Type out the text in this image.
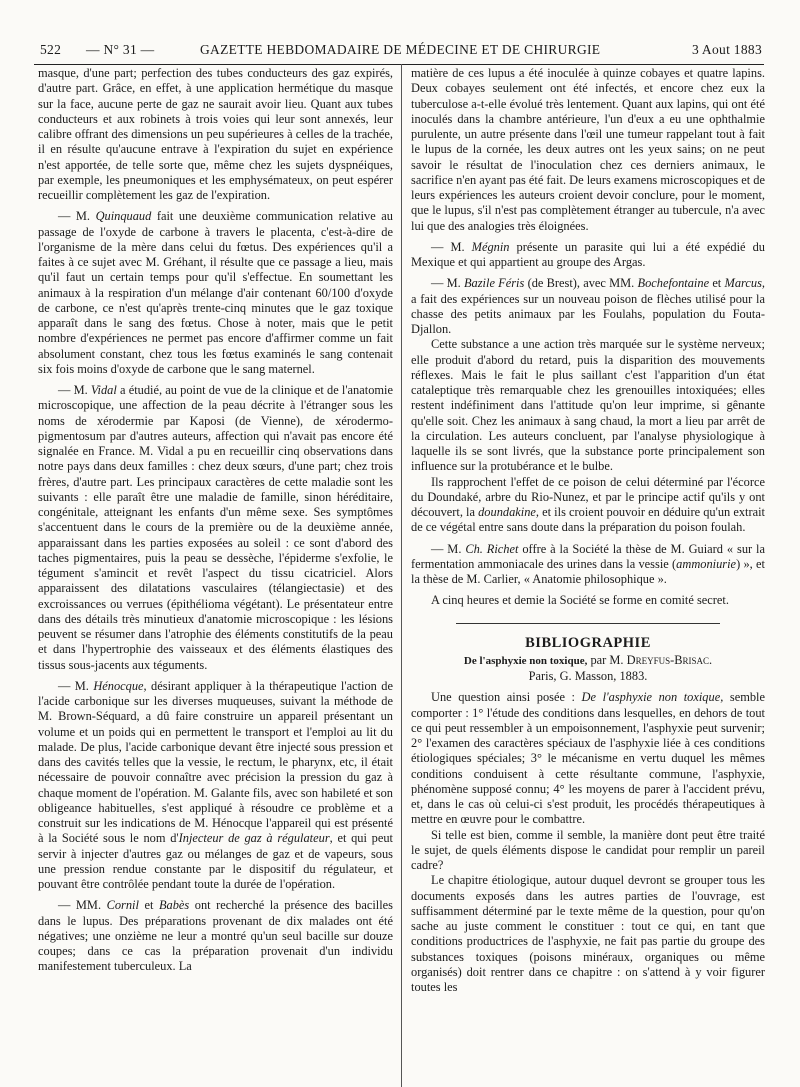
522 — N° 31 —	GAZETTE HEBDOMADAIRE DE MÉDECINE ET DE CHIRURGIE	3 Aout 1883

masque, d'une part; perfection des tubes conducteurs des gaz expirés, d'autre part. Grâce, en effet, à une application hermétique du masque sur la face, aucune perte de gaz ne saurait avoir lieu. Quant aux tubes conducteurs et aux robinets à trois voies qui leur sont annexés, leur calibre offrant des dimensions un peu supérieures à celles de la trachée, il en résulte qu'aucune entrave à l'expiration du sujet en expérience n'est apportée, de telle sorte que, même chez les sujets dyspnéiques, par exemple, les pneumoniques et les emphysémateux, on peut espérer recueillir complètement les gaz de l'expiration.

— M. Quinquaud fait une deuxième communication relative au passage de l'oxyde de carbone à travers le placenta, c'est-à-dire de l'organisme de la mère dans celui du fœtus. Des expériences qu'il a faites à ce sujet avec M. Gréhant, il résulte que ce passage a lieu, mais qu'il faut un certain temps pour qu'il s'effectue. En soumettant les animaux à la respiration d'un mélange d'air contenant 60/100 d'oxyde de carbone, ce n'est qu'après trente-cinq minutes que le gaz toxique apparaît dans le sang des fœtus. Chose à noter, mais que le petit nombre d'expériences ne permet pas encore d'affirmer comme un fait absolument constant, chez tous les fœtus examinés le sang contenait six fois moins d'oxyde de carbone que le sang maternel.

— M. Vidal a étudié, au point de vue de la clinique et de l'anatomie microscopique, une affection de la peau décrite à l'étranger sous les noms de xérodermie par Kaposi (de Vienne), de xérodermo-pigmentosum par d'autres auteurs, affection qui n'avait pas encore été signalée en France. M. Vidal a pu en recueillir cinq observations dans notre pays dans deux familles : chez deux sœurs, d'une part; chez trois frères, d'autre part. Les principaux caractères de cette maladie sont les suivants : elle paraît être une maladie de famille, sinon héréditaire, congénitale, atteignant les enfants d'un même sexe. Ses symptômes s'accentuent dans le cours de la première ou de la deuxième année, apparaissant dans les parties exposées au soleil : ce sont d'abord des taches pigmentaires, puis la peau se dessèche, l'épiderme s'exfolie, le tégument s'amincit et revêt l'aspect du tissu cicatriciel. Alors apparaissent des dilatations vasculaires (télangiectasie) et des excroissances ou verrues (épithélioma végétant). Le présentateur entre dans des détails très minutieux d'anatomie microscopique : les lésions peuvent se résumer dans l'atrophie des éléments constitutifs de la peau et dans l'hypertrophie des vaisseaux et des éléments élastiques des tissus sous-jacents aux téguments.

— M. Hénocque, désirant appliquer à la thérapeutique l'action de l'acide carbonique sur les diverses muqueuses, suivant la méthode de M. Brown-Séquard, a dû faire construire un appareil présentant un volume et un poids qui en permettent le transport et l'emploi au lit du malade. De plus, l'acide carbonique devant être injecté sous pression et dans des cavités telles que la vessie, le rectum, le pharynx, etc, il était nécessaire de pouvoir connaître avec précision la pression du gaz à chaque moment de l'opération. M. Galante fils, avec son habileté et son obligeance habituelles, s'est appliqué à résoudre ce problème et a construit sur les indications de M. Hénocque l'appareil qui est présenté à la Société sous le nom d'Injecteur de gaz à régulateur, et qui peut servir à injecter d'autres gaz ou mélanges de gaz et de vapeurs, sous une pression rendue constante par le dispositif du régulateur, et pouvant être contrôlée pendant toute la durée de l'opération.

— MM. Cornil et Babès ont recherché la présence des bacilles dans le lupus. Des préparations provenant de dix malades ont été négatives; une onzième ne leur a montré qu'un seul bacille sur douze coupes; dans ce cas la préparation provenait d'un individu manifestement tuberculeux. La

matière de ces lupus a été inoculée à quinze cobayes et quatre lapins. Deux cobayes seulement ont été infectés, et encore chez eux la tuberculose a-t-elle évolué très lentement. Quant aux lapins, qui ont été inoculés dans la chambre antérieure, l'un d'eux a eu une ophthalmie purulente, un autre présente dans l'œil une tumeur rappelant tout à fait le lupus de la cornée, les deux autres ont les yeux sains; on ne peut savoir le résultat de l'inoculation chez ces derniers animaux, le sacrifice n'en ayant pas été fait. De leurs examens microscopiques et de leurs expériences les auteurs croient devoir conclure, pour le moment, que le lupus, s'il n'est pas complètement étranger au tubercule, n'a avec lui que des analogies très éloignées.

— M. Mégnin présente un parasite qui lui a été expédié du Mexique et qui appartient au groupe des Argas.

— M. Bazile Féris (de Brest), avec MM. Bochefontaine et Marcus, a fait des expériences sur un nouveau poison de flèches utilisé pour la chasse des petits animaux par les Foulahs, population du Fouta-Djallon.

Cette substance a une action très marquée sur le système nerveux; elle produit d'abord du retard, puis la disparition des mouvements réflexes. Mais le fait le plus saillant c'est l'apparition d'un état cataleptique très remarquable chez les grenouilles intoxiquées; elles restent indéfiniment dans l'attitude qu'on leur imprime, si gênante qu'elle soit. Chez les animaux à sang chaud, la mort a lieu par arrêt de la circulation. Les auteurs concluent, par l'analyse physiologique à laquelle ils se sont livrés, que la substance porte principalement son influence sur la protubérance et le bulbe.

Ils rapprochent l'effet de ce poison de celui déterminé par l'écorce du Doundaké, arbre du Rio-Nunez, et par le principe actif qu'ils y ont découvert, la doundakine, et ils croient pouvoir en déduire qu'un extrait de ce végétal entre sans doute dans la préparation du poison foulah.

— M. Ch. Richet offre à la Société la thèse de M. Guiard « sur la fermentation ammoniacale des urines dans la vessie (ammoniurie) », et la thèse de M. Carlier, « Anatomie philosophique ».

A cinq heures et demie la Société se forme en comité secret.

BIBLIOGRAPHIE
De l'asphyxie non toxique, par M. Dreyfus-Brisac.
Paris, G. Masson, 1883.

Une question ainsi posée : De l'asphyxie non toxique, semble comporter : 1° l'étude des conditions dans lesquelles, en dehors de tout ce qui peut ressembler à un empoisonnement, l'asphyxie peut survenir; 2° l'examen des caractères spéciaux de l'asphyxie liée à ces conditions étiologiques spéciales; 3° le mécanisme en vertu duquel les mêmes conditions conduisent à cette résultante commune, l'asphyxie, phénomène supposé connu; 4° les moyens de parer à l'accident prévu, et, dans le cas où celui-ci s'est produit, les procédés thérapeutiques à mettre en œuvre pour le combattre.

Si telle est bien, comme il semble, la manière dont peut être traité le sujet, de quels éléments dispose le candidat pour remplir un pareil cadre?

Le chapitre étiologique, autour duquel devront se grouper tous les documents exposés dans les autres parties de l'ouvrage, est suffisamment déterminé par le texte même de la question, pour qu'on sache au juste comment le constituer : tout ce qui, en tant que conditions productrices de l'asphyxie, ne fait pas partie du groupe des substances toxiques (poisons minéraux, organiques ou même organisés) doit rentrer dans ce chapitre : on s'attend à y voir figurer toutes les
